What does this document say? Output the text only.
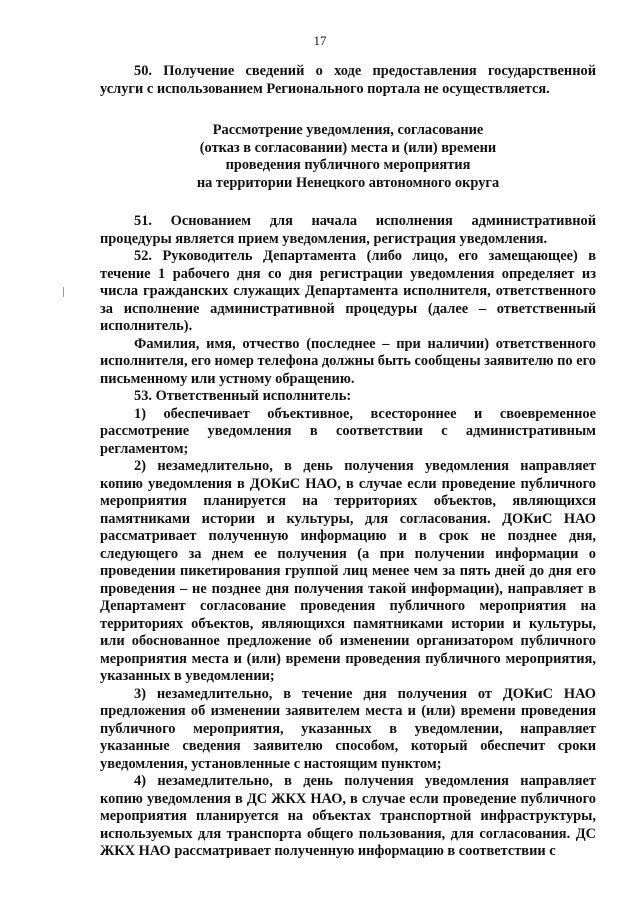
17

50. Получение сведений о ходе предоставления государственной услуги с использованием Регионального портала не осуществляется.

Рассмотрение уведомления, согласование
(отказ в согласовании) места и (или) времени
проведения публичного мероприятия
на территории Ненецкого автономного округа

51. Основанием для начала исполнения административной процедуры является прием уведомления, регистрация уведомления.

52. Руководитель Департамента (либо лицо, его замещающее) в течение 1 рабочего дня со дня регистрации уведомления определяет из числа гражданских служащих Департамента исполнителя, ответственного за исполнение административной процедуры (далее – ответственный исполнитель).

Фамилия, имя, отчество (последнее – при наличии) ответственного исполнителя, его номер телефона должны быть сообщены заявителю по его письменному или устному обращению.

53. Ответственный исполнитель:

1) обеспечивает объективное, всестороннее и своевременное рассмотрение уведомления в соответствии с административным регламентом;

2) незамедлительно, в день получения уведомления направляет копию уведомления в ДОКиС НАО, в случае если проведение публичного мероприятия планируется на территориях объектов, являющихся памятниками истории и культуры, для согласования. ДОКиС НАО рассматривает полученную информацию и в срок не позднее дня, следующего за днем ее получения (а при получении информации о проведении пикетирования группой лиц менее чем за пять дней до дня его проведения – не позднее дня получения такой информации), направляет в Департамент согласование проведения публичного мероприятия на территориях объектов, являющихся памятниками истории и культуры, или обоснованное предложение об изменении организатором публичного мероприятия места и (или) времени проведения публичного мероприятия, указанных в уведомлении;

3) незамедлительно, в течение дня получения от ДОКиС НАО предложения об изменении заявителем места и (или) времени проведения публичного мероприятия, указанных в уведомлении, направляет указанные сведения заявителю способом, который обеспечит сроки уведомления, установленные с настоящим пунктом;

4) незамедлительно, в день получения уведомления направляет копию уведомления в ДС ЖКХ НАО, в случае если проведение публичного мероприятия планируется на объектах транспортной инфраструктуры, используемых для транспорта общего пользования, для согласования. ДС ЖКХ НАО рассматривает полученную информацию в соответствии с
